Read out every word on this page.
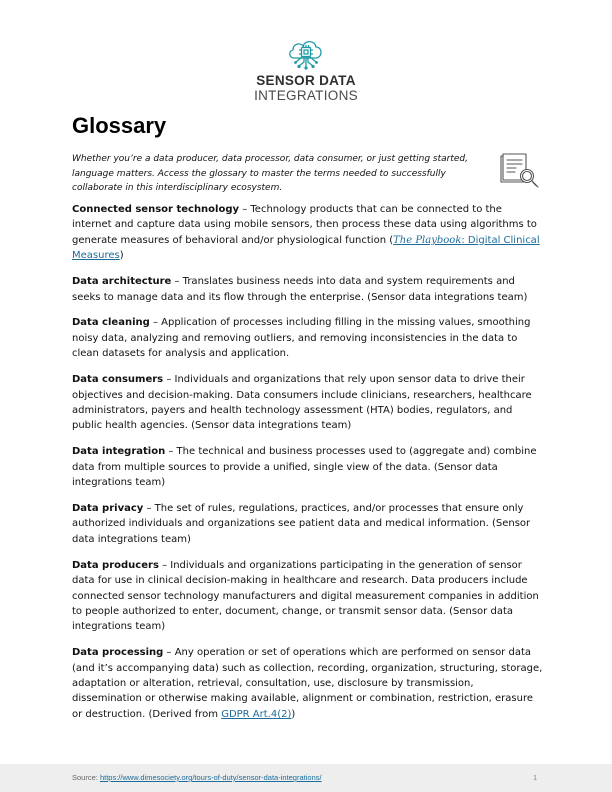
SENSOR DATA
INTEGRATIONS
Glossary

Whether you’re a data producer, data processor, data consumer, or just getting started, language matters. Access the glossary to master the terms needed to successfully collaborate in this interdisciplinary ecosystem.

Connected sensor technology – Technology products that can be connected to the internet and capture data using mobile sensors, then process these data using algorithms to generate measures of behavioral and/or physiological function (The Playbook: Digital Clinical Measures)

Data architecture – Translates business needs into data and system requirements and seeks to manage data and its flow through the enterprise. (Sensor data integrations team)

Data cleaning – Application of processes including filling in the missing values, smoothing noisy data, analyzing and removing outliers, and removing inconsistencies in the data to clean datasets for analysis and application.

Data consumers – Individuals and organizations that rely upon sensor data to drive their objectives and decision-making. Data consumers include clinicians, researchers, healthcare administrators, payers and health technology assessment (HTA) bodies, regulators, and public health agencies. (Sensor data integrations team)

Data integration – The technical and business processes used to (aggregate and) combine data from multiple sources to provide a unified, single view of the data. (Sensor data integrations team)

Data privacy – The set of rules, regulations, practices, and/or processes that ensure only authorized individuals and organizations see patient data and medical information. (Sensor data integrations team)

Data producers – Individuals and organizations participating in the generation of sensor data for use in clinical decision-making in healthcare and research. Data producers include connected sensor technology manufacturers and digital measurement companies in addition to people authorized to enter, document, change, or transmit sensor data. (Sensor data integrations team)

Data processing – Any operation or set of operations which are performed on sensor data (and it’s accompanying data) such as collection, recording, organization, structuring, storage, adaptation or alteration, retrieval, consultation, use, disclosure by transmission, dissemination or otherwise making available, alignment or combination, restriction, erasure or destruction. (Derived from GDPR Art.4(2))

Source: https://www.dimesociety.org/tours-of-duty/sensor-data-integrations/	1
